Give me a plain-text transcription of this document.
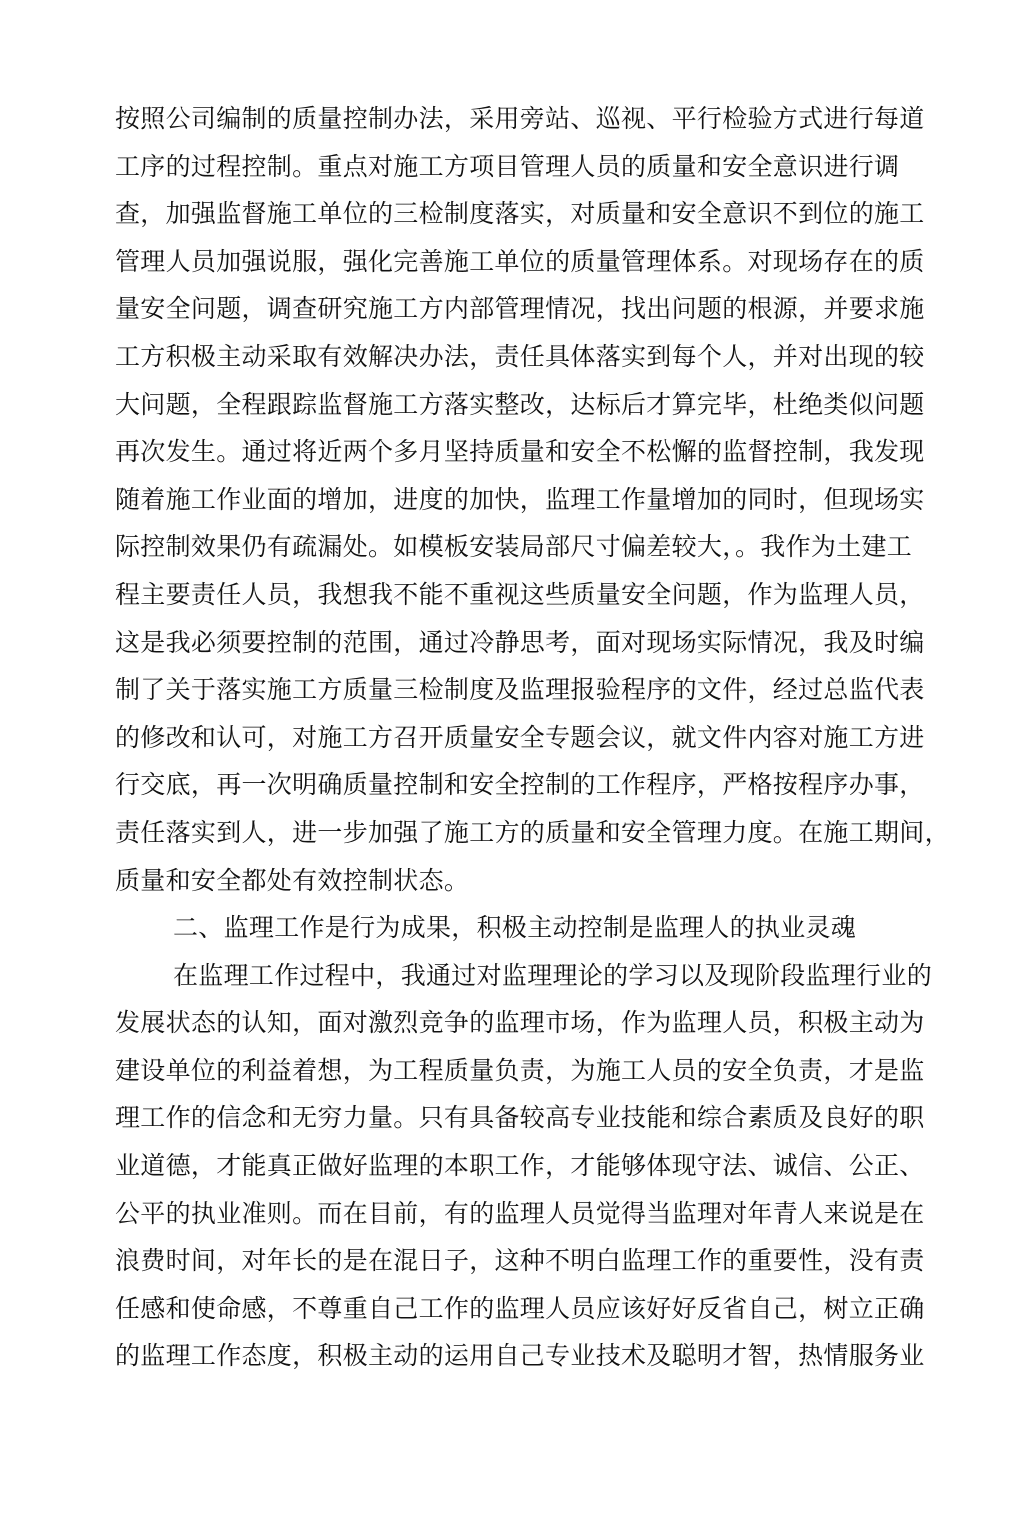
按照公司编制的质量控制办法，采用旁站、巡视、平行检验方式进行每道
工序的过程控制。重点对施工方项目管理人员的质量和安全意识进行调
查，加强监督施工单位的三检制度落实，对质量和安全意识不到位的施工
管理人员加强说服，强化完善施工单位的质量管理体系。对现场存在的质
量安全问题，调查研究施工方内部管理情况，找出问题的根源，并要求施
工方积极主动采取有效解决办法，责任具体落实到每个人，并对出现的较
大问题，全程跟踪监督施工方落实整改，达标后才算完毕，杜绝类似问题
再次发生。通过将近两个多月坚持质量和安全不松懈的监督控制，我发现
随着施工作业面的增加，进度的加快，监理工作量增加的同时，但现场实
际控制效果仍有疏漏处。如模板安装局部尺寸偏差较大，。我作为土建工
程主要责任人员，我想我不能不重视这些质量安全问题，作为监理人员，
这是我必须要控制的范围，通过冷静思考，面对现场实际情况，我及时编
制了关于落实施工方质量三检制度及监理报验程序的文件，经过总监代表
的修改和认可，对施工方召开质量安全专题会议，就文件内容对施工方进
行交底，再一次明确质量控制和安全控制的工作程序，严格按程序办事，
责任落实到人，进一步加强了施工方的质量和安全管理力度。在施工期间，
质量和安全都处有效控制状态。
二、监理工作是行为成果，积极主动控制是监理人的执业灵魂
在监理工作过程中，我通过对监理理论的学习以及现阶段监理行业的
发展状态的认知，面对激烈竞争的监理市场，作为监理人员，积极主动为
建设单位的利益着想，为工程质量负责，为施工人员的安全负责，才是监
理工作的信念和无穷力量。只有具备较高专业技能和综合素质及良好的职
业道德，才能真正做好监理的本职工作，才能够体现守法、诚信、公正、
公平的执业准则。而在目前，有的监理人员觉得当监理对年青人来说是在
浪费时间，对年长的是在混日子，这种不明白监理工作的重要性，没有责
任感和使命感，不尊重自己工作的监理人员应该好好反省自己，树立正确
的监理工作态度，积极主动的运用自己专业技术及聪明才智，热情服务业
